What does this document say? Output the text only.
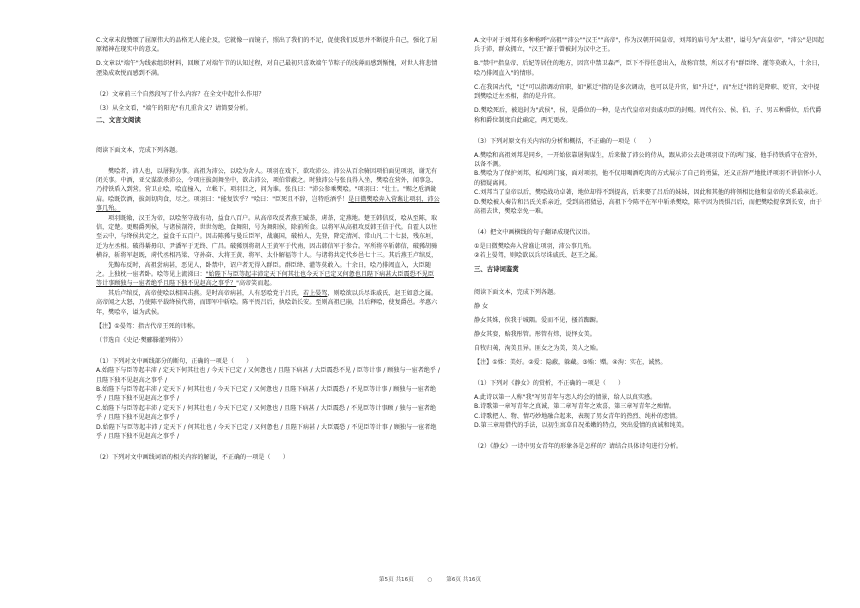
C.文章末段赞颂了屈原伟大的品格无人能企及，它就像一而镜子，照出了我们的不足，促使我们反思并不断提升自己，强化了屈原精神在现实中的意义。

D.文章以"端午"为线索组织材料，回顾了对端午节的认知过程，对自己最初只喜欢端午节粽子的浅薄而感到惭愧，对世人将悲情湮染成欢悦而感到不满。

（2）文章前三个自然段写了什么内容？在全文中起什么作用？

（3）从全文看，"端午的阳光"有几重含义？请简要分析。

二、文言文阅读

阅读下面文本，完成下列各题。

樊哙者，沛人也，以屠狗为事。高祖为沛公，以哙为舍人。项羽在戏下，欲攻沛公。沛公从百余骑因项伯面见项羽，谢无有闭关事。中酒，亚父谋欲杀沛公，令项庄拔剑舞坐中，欲击沛公，项伯常蔽之。时独沛公与张良得入坐，樊哙在营外，闻事急，乃持铁盾入到营。营卫止哙，哙直撞入，立帐下。项羽目之，问为谁。张良曰："沛公参乘樊哙。"项羽曰："壮士。"赐之卮酒彘肩。哙既饮酒，拔剑切肉食，尽之。项羽曰："能复饮乎？"哙曰："臣死且不辞，岂特卮酒乎！是日微樊哙奔入营谯让项羽，沛公事几殆。

项羽既飨，汉王为帝，以哙坚守战有功，益食八百户。从高帝攻反者燕王臧荼，虏荼，定燕地。楚王韩信反，哙从至陈，取信，定楚。更赐爵列侯，与诸侯剖符，世世勿绝，食舞阳，号为舞阳侯，除前所食。以将军从高祖攻反韩王信于代。自霍人以往至云中，与绛侯共定之，益食千五百户。因击陈豨与曼丘臣军，战襄国，破柏人，先登，降定清河、常山凡二十七县，残东垣，迁为左丞相。破得綦毋卬、尹潘军于无终、广昌。破豨别将胡人王黄军于代南，因击韩信军于参合。军所将卒斩韩信，破豨胡骑横谷，斩将军赵既，虏代丞相冯梁、守孙奋、大将王黄、将军、太仆解福等十人。与诸将共定代乡邑七十三。其后燕王卢绾反，

先黥布反时，高祖尝病甚，恶见人，卧禁中，诏户者无得入群臣。群臣绛、灌等莫敢入。十余日，哙乃排闼直入，大臣随之。上独枕一宦者卧。哙等见上流涕曰："始陛下与臣等起丰沛定天下何其壮也今天下已定又何惫也且陛下病甚大臣震恐不见臣等计事顾独与一宦者绝乎且陛下独不见赵高之事乎？"高帝笑而起。

其后卢绾反，高帝使哙以相国击燕。是时高帝病甚，人有恶哙党于吕氏，若上晏驾，则哙欲以兵尽诛戚氏、赵王如意之属。高帝闻之大怒，乃使陈平载绛侯代将，而即军中斩哙。陈平畏吕后，执哙诣长安。至则高祖已崩，吕后释哙，使复爵邑。孝惠六年，樊哙卒，谥为武侯。

【注】①晏驾：指古代帝王死的讳称。

（节选自《史记·樊郦滕灌列传》）

（1）下列对文中画线部分的断句，正确的一项是（　　）

A.始陛下与臣等起丰沛 / 定天下何其壮也 / 今天下已定 / 又何惫也 / 且陛下病甚 / 大臣震恐不见 / 臣等计事 / 顾独与一宦者绝乎 / 且陛下独不见赵高之事乎 /

B.始陛下与臣等起丰沛 / 定天下 / 何其壮也 / 今天下已定 / 又何惫也 / 且陛下病甚 / 大臣震恐 / 不见臣等计事 / 顾独与一宦者绝乎 / 且陛下独不见赵高之事乎 /

C.始陛下与臣等起丰沛 / 定天下 / 何其壮也 / 今天下已定 / 又何惫也 / 且陛下病甚 / 大臣震恐 / 不见臣等计事顾 / 独与一宦者绝乎 / 且陛下独不见赵高之事乎 /

D.始陛下与臣等起丰沛 / 定天下 / 何其壮也 / 今天下已定 / 又何惫也 / 且陛下病甚 / 大臣震恐 / 不见臣等计事 / 顾独与一宦者绝乎 / 且陛下独不见赵高之事乎 /

（2）下列对文中画线词语的相关内容的解说，不正确的一项是（　　）

A.文中对于刘邦有多种称呼"高祖""沛公""汉王""高帝"，作为汉朝开国皇帝，刘邦的庙号为"太祖"，谥号为"高皇帝"，"沛公"是因起兵于沛，群众拥立，"汉王"源于曾被封为汉中之王。

B."禁中"指皇帝、后妃等居住的地方，因宫中禁卫森严，臣下不得任意出入，故称宫禁，所以才有"群臣绛、灌等莫敢入，十余日，哙乃排闼直入"的情形。

C.在我国古代，"迁"可以指调动官职，如"累迁"指的是多次调动，也可以是升官，如"升迁"，而"左迁"指的是降职、贬官，文中提到樊哙迁左丞相，指的是升官。

D.樊哙死后，被追封为"武侯"，侯，是爵位的一种，是古代皇帝对贵戚功臣的封赐。周代有公、侯、伯、子、男五种爵位，后代爵称和爵位制度自此确定，两无更改。

（3）下列对原文有关内容的分析和概括，不正确的一项是（　　）

A.樊哙和高祖刘邦是同乡，一开始依靠屠狗谋生，后来做了沛公的侍从，跟从沛公去赴项羽设下的鸿门宴，他手持铁盾守在营外，以备不测。

B.樊哙为了保护刘邦，私闯鸿门宴，面对项羽，他不仅用喝酒吃肉的方式展示了自己的勇猛，还义正辞严地批评项羽不讲信怀小人的猜疑离间。

C.刘邦当了皇帝以后，樊哙战功卓著，地位却得不到提高，后来娶了吕后的妹妹，因此和其他的将领相比他和皇帝的关系最亲近。

D.樊哙被人奏告和吕氏关系亲近，受到高祖猜忌，高祖下令陈平在军中斩杀樊哙，陈平因为畏惧吕后，而把樊哙捉拿到长安，由于高祖去世，樊哙幸免一难。

（4）把文中画横线的句子翻译成现代汉语。

①是日微樊哙奔入营谯让项羽，沛公事几殆。

②若上晏驾，则哙欲以兵尽诛戚氏、赵王之属。

三、古诗词鉴赏

阅读下面文本，完成下列各题。

静 女

静女其姝，俟我于城隅。爱而不见，搔首踟蹰。

静女其娈，贻我彤管。彤管有炜，说怿女美。

自牧归荑，洵美且异。匪女之为美，美人之贻。

【注】①姝：美好。②爱：隐蔽，躲藏。③贻：赠。④洵：实在，诚然。

（1）下列对《静女》的赏析，不正确的一项是（　　）

A.此诗以第一人称"我"写男青年与恋人约会的情景，给人以真实感。

B.诗歌第一章写青年之真诚，第二章写青年之欢喜，第三章写青年之痴情。

C.诗歌把人、物、情巧妙地融合起来，表现了男女青年的热烈、纯朴的恋情。

D.第三章用借代的手法，以初生寓草自况柔嫩的特点，突出爱情的真诚和纯美。

（2）《静女》一诗中男女青年的形象各是怎样的？请结合具体诗句进行分析。

第5页 共16页 ○ 第6页 共16页
